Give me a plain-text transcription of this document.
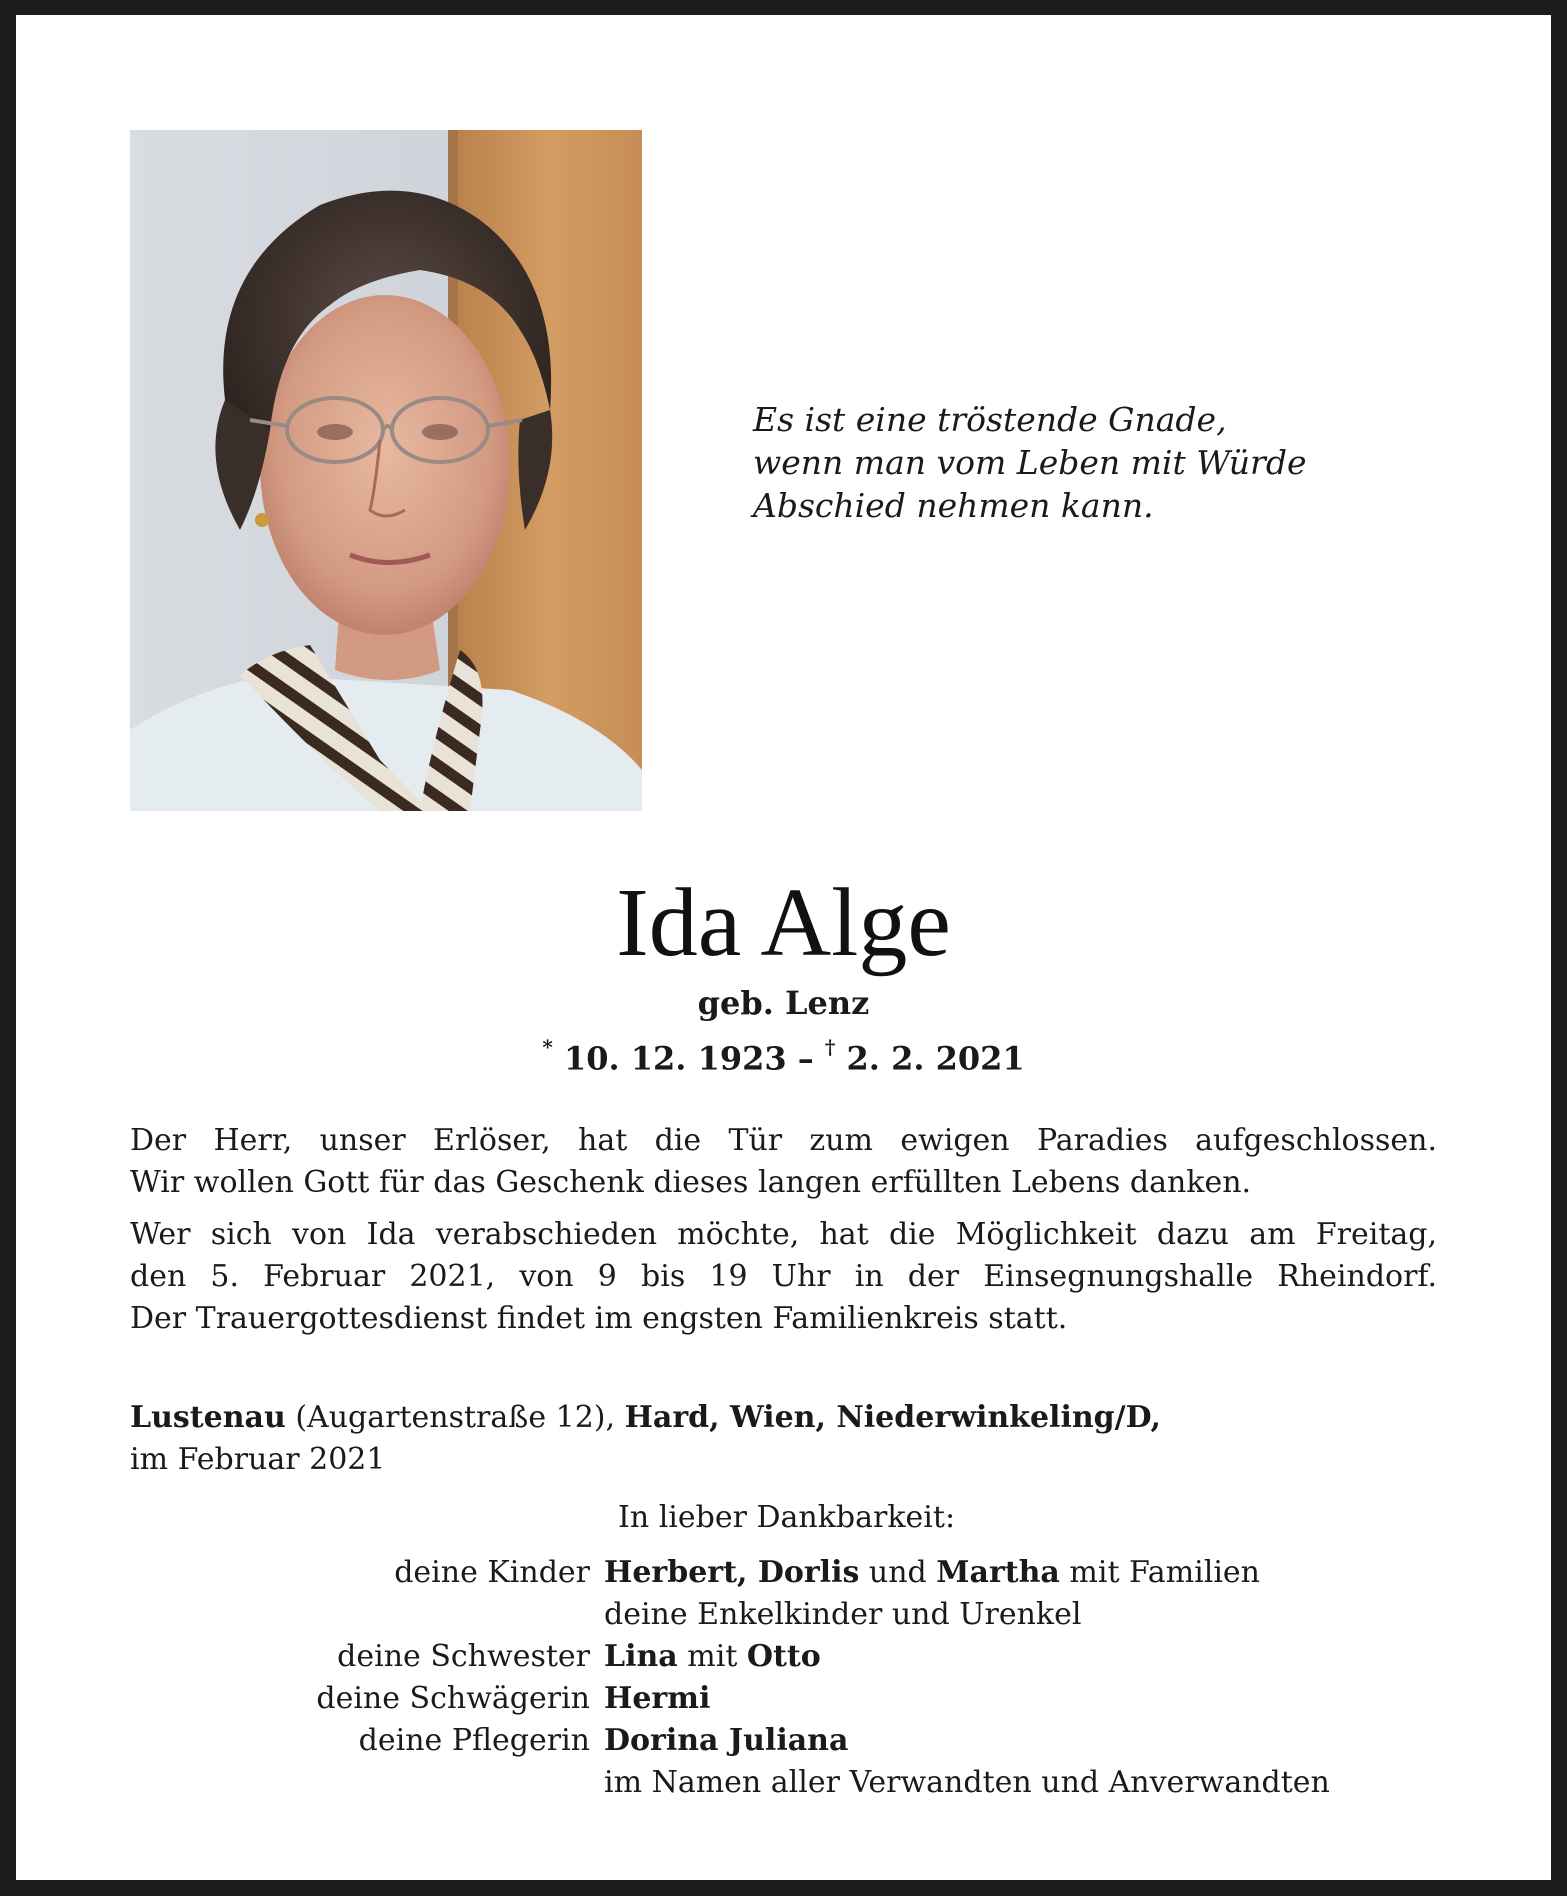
Es ist eine tröstende Gnade,
wenn man vom Leben mit Würde
Abschied nehmen kann.
Ida Alge
geb. Lenz
* 10. 12. 1923 – † 2. 2. 2021

Der Herr, unser Erlöser, hat die Tür zum ewigen Paradies aufgeschlossen.
Wir wollen Gott für das Geschenk dieses langen erfüllten Lebens danken.

Wer sich von Ida verabschieden möchte, hat die Möglichkeit dazu am Freitag,
den 5. Februar 2021, von 9 bis 19 Uhr in der Einsegnungshalle Rheindorf.
Der Trauergottesdienst findet im engsten Familienkreis statt.

Lustenau (Augartenstraße 12), Hard, Wien, Niederwinkeling/D,
im Februar 2021
In lieber Dankbarkeit:
deine Kinder Herbert, Dorlis und Martha mit Familien
deine Enkelkinder und Urenkel
deine Schwester Lina mit Otto
deine Schwägerin Hermi
deine Pflegerin Dorina Juliana
im Namen aller Verwandten und Anverwandten
